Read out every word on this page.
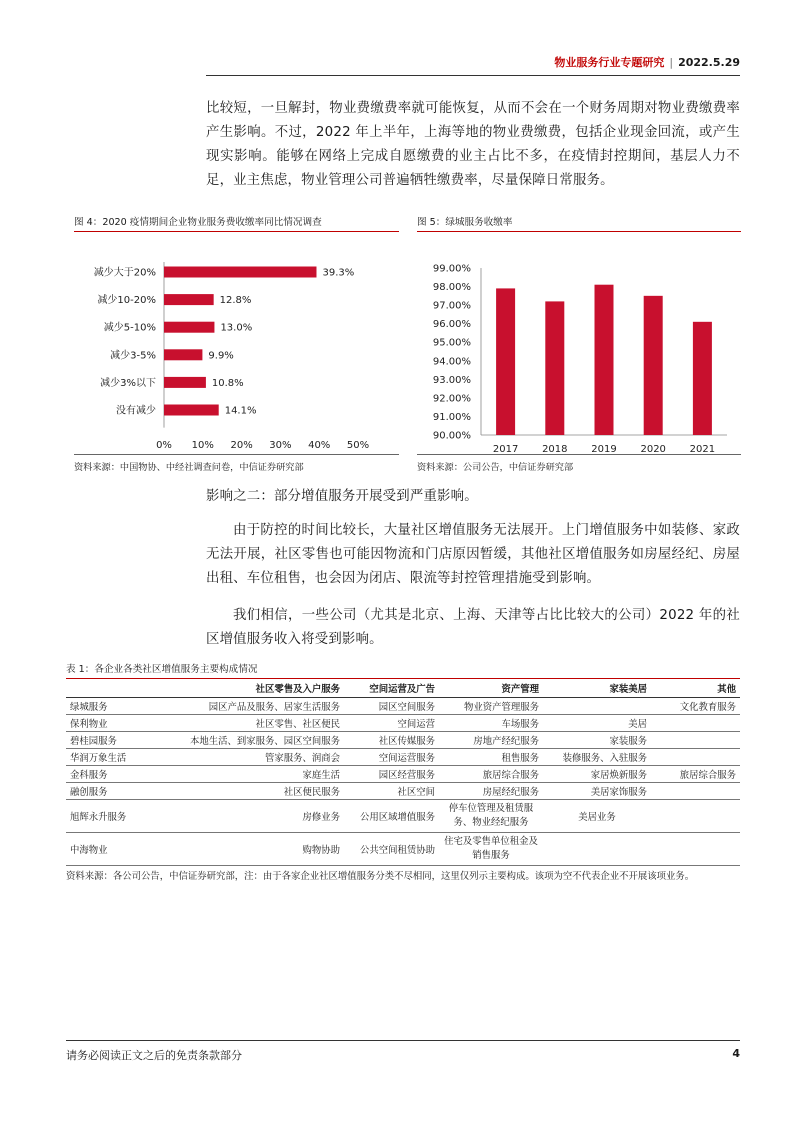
物业服务行业专题研究 | 2022.5.29

比较短，一旦解封，物业费缴费率就可能恢复，从而不会在一个财务周期对物业费缴费率产生影响。不过，2022 年上半年，上海等地的物业费缴费，包括企业现金回流，或产生现实影响。能够在网络上完成自愿缴费的业主占比不多，在疫情封控期间，基层人力不足，业主焦虑，物业管理公司普遍牺牲缴费率，尽量保障日常服务。

图 4：2020 疫情期间企业物业服务费收缴率同比情况调查
减少大于20%	39.3%
减少10-20%	12.8%
减少5-10%	13.0%
减少3-5%	9.9%
减少3%以下	10.8%
没有减少	14.1%
0% 10% 20% 30% 40% 50%
资料来源：中国物协、中经社调查问卷，中信证券研究部
图 5：绿城服务收缴率
90.00%
91.00%
92.00%
93.00%
94.00%
95.00%
96.00%
97.00%
98.00%
99.00%
2017 2018 2019 2020 2021
资料来源：公司公告，中信证券研究部

影响之二：部分增值服务开展受到严重影响。

由于防控的时间比较长，大量社区增值服务无法展开。上门增值服务中如装修、家政无法开展，社区零售也可能因物流和门店原因暂缓，其他社区增值服务如房屋经纪、房屋出租、车位租售，也会因为闭店、限流等封控管理措施受到影响。

我们相信，一些公司（尤其是北京、上海、天津等占比比较大的公司）2022 年的社区增值服务收入将受到影响。

表 1：各企业各类社区增值服务主要构成情况
	社区零售及入户服务	空间运营及广告	资产管理	家装美居	其他
绿城服务	园区产品及服务、居家生活服务	园区空间服务	物业资产管理服务		文化教育服务
保利物业	社区零售、社区便民	空间运营	车场服务	美居	
碧桂园服务	本地生活、到家服务、园区空间服务	社区传媒服务	房地产经纪服务	家装服务	
华润万象生活	管家服务、润商会	空间运营服务	租售服务	装修服务、入驻服务	
金科服务	家庭生活	园区经营服务	旅居综合服务	家居焕新服务	旅居综合服务
融创服务	社区便民服务	社区空间	房屋经纪服务	美居家饰服务	
旭辉永升服务	房修业务	公用区域增值服务	停车位管理及租赁服务、物业经纪服务	美居业务	
中海物业	购物协助	公共空间租赁协助	住宅及零售单位租金及销售服务		
资料来源：各公司公告，中信证券研究部，注：由于各家企业社区增值服务分类不尽相同，这里仅列示主要构成。该项为空不代表企业不开展该项业务。
请务必阅读正文之后的免责条款部分	4
